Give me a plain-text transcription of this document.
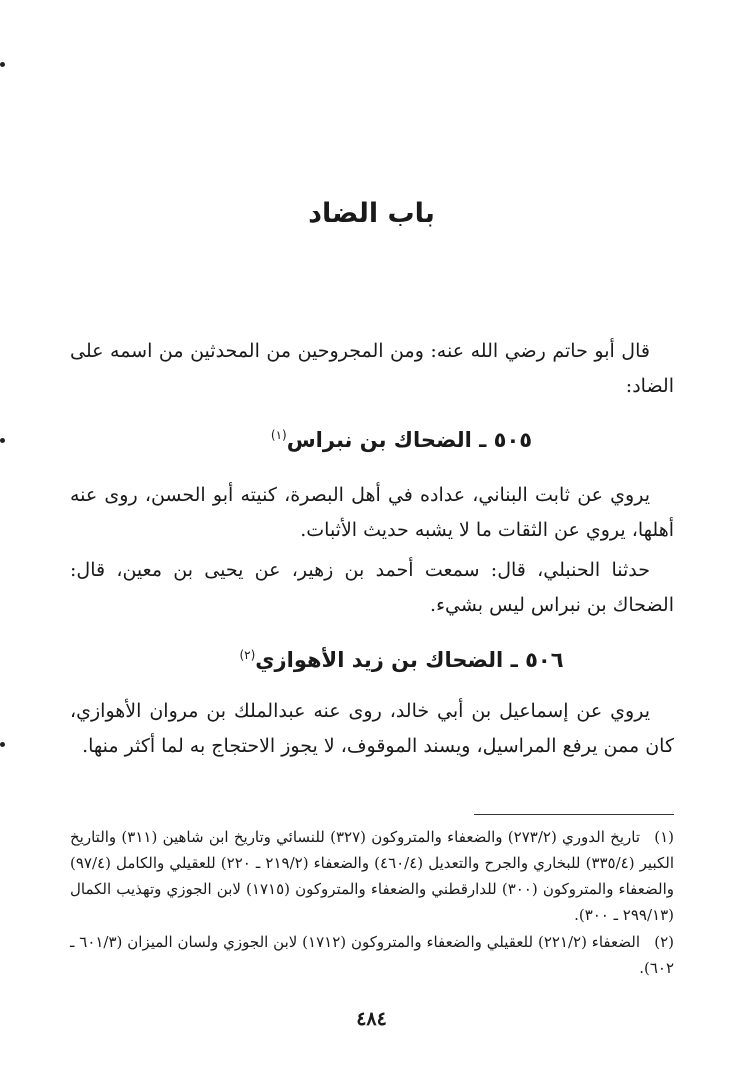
باب الضاد
قال أبو حاتم رضي الله عنه: ومن المجروحين من المحدثين من اسمه على الضاد:
٥٠٥ ـ الضحاك بن نبراس$^{(١)}$
يروي عن ثابت البناني، عداده في أهل البصرة، كنيته أبو الحسن، روى عنه أهلها، يروي عن الثقات ما لا يشبه حديث الأثبات.
حدثنا الحنبلي، قال: سمعت أحمد بن زهير، عن يحيى بن معين، قال: الضحاك بن نبراس ليس بشيء.
٥٠٦ ـ الضحاك بن زيد الأهوازي$^{(٢)}$
يروي عن إسماعيل بن أبي خالد، روى عنه عبدالملك بن مروان الأهوازي، كان ممن يرفع المراسيل، ويسند الموقوف، لا يجوز الاحتجاج به لما أكثر منها.
(١)تاريخ الدوري (٢٧٣/٢) والضعفاء والمتروكون (٣٢٧) للنسائي وتاريخ ابن شاهين (٣١١) والتاريخ الكبير (٣٣٥/٤) للبخاري والجرح والتعديل (٤٦٠/٤) والضعفاء (٢١٩/٢ ـ ٢٢٠) للعقيلي والكامل (٩٧/٤) والضعفاء والمتروكون (٣٠٠) للدارقطني والضعفاء والمتروكون (١٧١٥) لابن الجوزي وتهذيب الكمال (٢٩٩/١٣ ـ ٣٠٠).
(٢)الضعفاء (٢٢١/٢) للعقيلي والضعفاء والمتروكون (١٧١٢) لابن الجوزي ولسان الميزان (٦٠١/٣ ـ ٦٠٢).
٤٨٤
